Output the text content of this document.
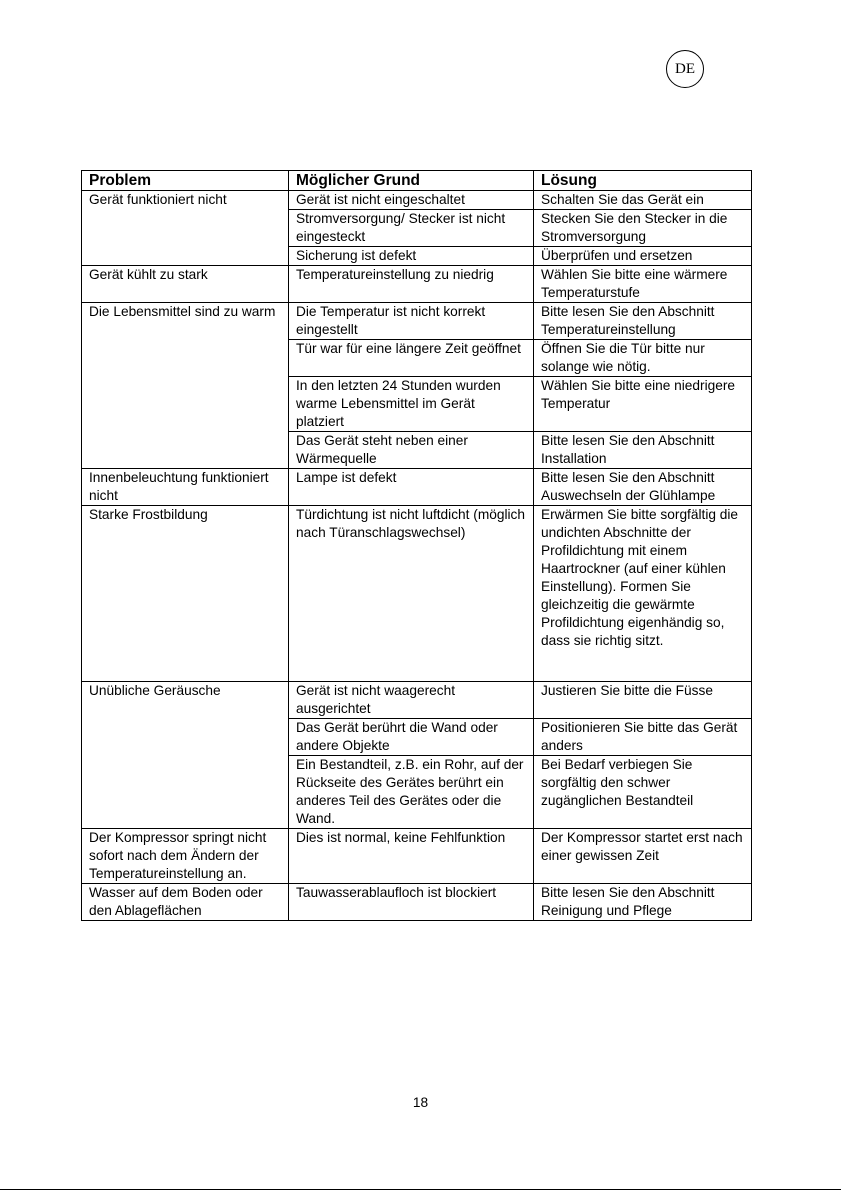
DE
Problem	Möglicher Grund	Lösung
Gerät funktioniert nicht	Gerät ist nicht eingeschaltet	Schalten Sie das Gerät ein
	Stromversorgung/ Stecker ist nicht eingesteckt	Stecken Sie den Stecker in die Stromversorgung
	Sicherung ist defekt	Überprüfen und ersetzen
Gerät kühlt zu stark	Temperatureinstellung zu niedrig	Wählen Sie bitte eine wärmere Temperaturstufe
Die Lebensmittel sind zu warm	Die Temperatur ist nicht korrekt eingestellt	Bitte lesen Sie den Abschnitt Temperatureinstellung
	Tür war für eine längere Zeit geöffnet	Öffnen Sie die Tür bitte nur solange wie nötig.
	In den letzten 24 Stunden wurden warme Lebensmittel im Gerät platziert	Wählen Sie bitte eine niedrigere Temperatur
	Das Gerät steht neben einer Wärmequelle	Bitte lesen Sie den Abschnitt Installation
Innenbeleuchtung funktioniert nicht	Lampe ist defekt	Bitte lesen Sie den Abschnitt Auswechseln der Glühlampe
Starke Frostbildung	Türdichtung ist nicht luftdicht (möglich nach Türanschlagswechsel)	Erwärmen Sie bitte sorgfältig die undichten Abschnitte der Profildichtung mit einem Haartrockner (auf einer kühlen Einstellung). Formen Sie gleichzeitig die gewärmte Profildichtung eigenhändig so, dass sie richtig sitzt.
Unübliche Geräusche	Gerät ist nicht waagerecht ausgerichtet	Justieren Sie bitte die Füsse
	Das Gerät berührt die Wand oder andere Objekte	Positionieren Sie bitte das Gerät anders
	Ein Bestandteil, z.B. ein Rohr, auf der Rückseite des Gerätes berührt ein anderes Teil des Gerätes oder die Wand.	Bei Bedarf verbiegen Sie sorgfältig den schwer zugänglichen Bestandteil
Der Kompressor springt nicht sofort nach dem Ändern der Temperatureinstellung an.	Dies ist normal, keine Fehlfunktion	Der Kompressor startet erst nach einer gewissen Zeit
Wasser auf dem Boden oder den Ablageflächen	Tauwasserablaufloch ist blockiert	Bitte lesen Sie den Abschnitt Reinigung und Pflege
18
